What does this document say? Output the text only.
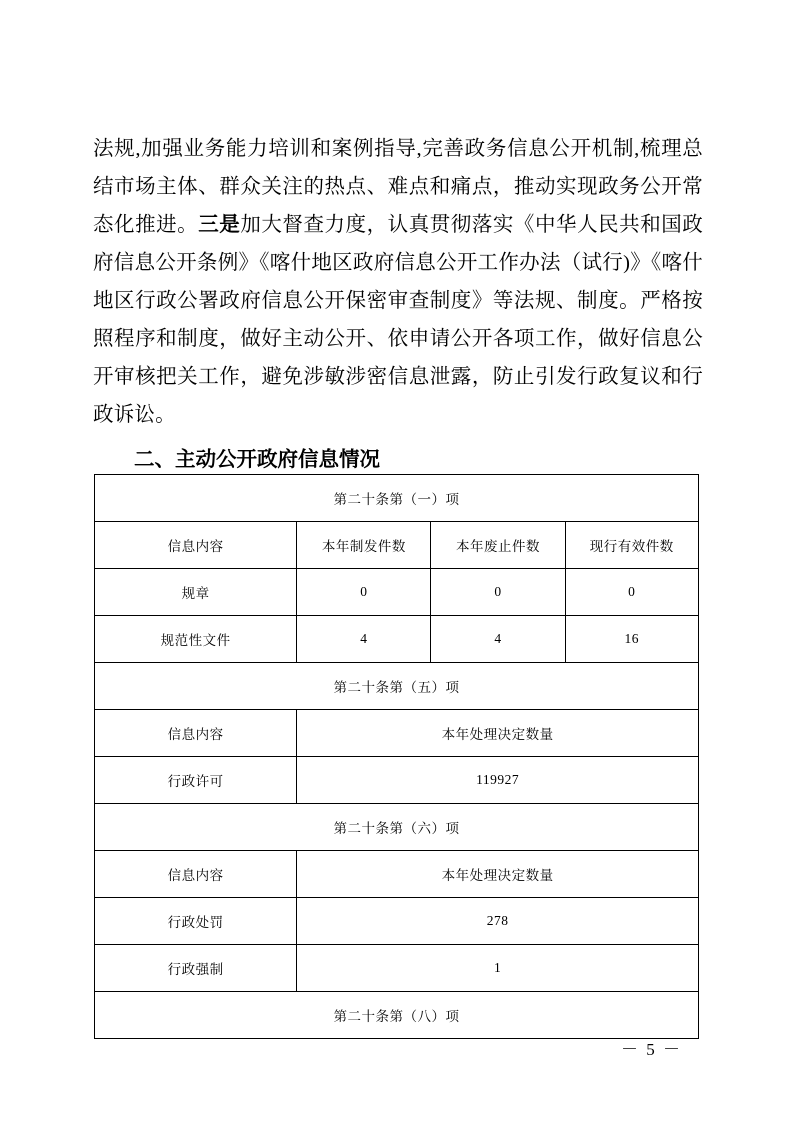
法规,加强业务能力培训和案例指导,完善政务信息公开机制,梳理总结市场主体、群众关注的热点、难点和痛点，推动实现政务公开常态化推进。三是加大督查力度，认真贯彻落实《中华人民共和国政府信息公开条例》《喀什地区政府信息公开工作办法（试行)》《喀什地区行政公署政府信息公开保密审查制度》等法规、制度。严格按照程序和制度，做好主动公开、依申请公开各项工作，做好信息公开审核把关工作，避免涉敏涉密信息泄露，防止引发行政复议和行政诉讼。

二、主动公开政府信息情况
第二十条第（一）项			
信息内容	本年制发件数	本年废止件数	现行有效件数
规章	0	0	0
规范性文件	4	4	16
第二十条第（五）项			
信息内容	本年处理决定数量		
行政许可	119927		
第二十条第（六）项			
信息内容	本年处理决定数量		
行政处罚	278		
行政强制	1		
第二十条第（八）项			
－ 5 －
